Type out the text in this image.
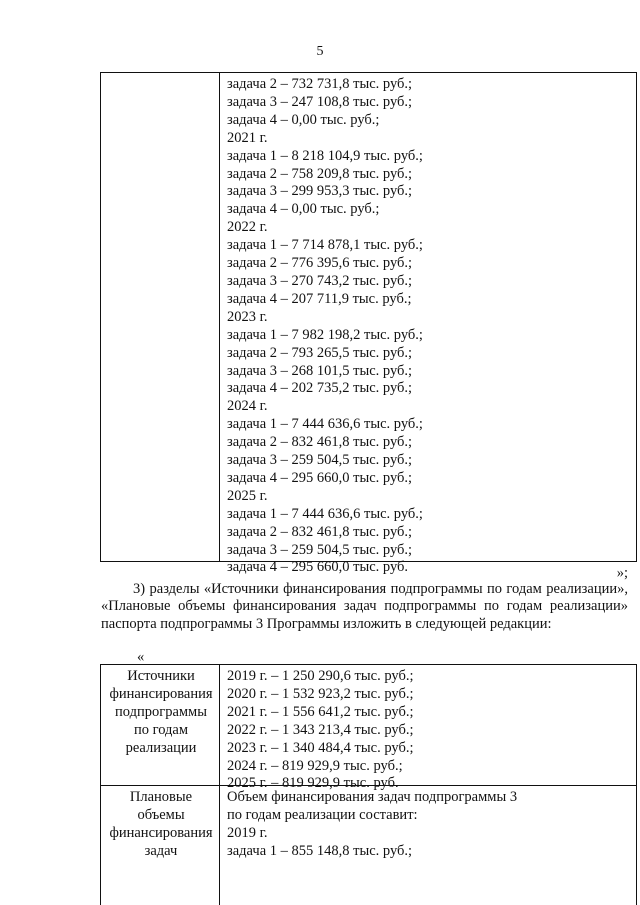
5
задача 2 – 732 731,8 тыс. руб.;
задача 3 – 247 108,8 тыс. руб.;
задача 4 – 0,00 тыс. руб.;
2021 г.
задача 1 – 8 218 104,9 тыс. руб.;
задача 2 – 758 209,8 тыс. руб.;
задача 3 – 299 953,3 тыс. руб.;
задача 4 – 0,00 тыс. руб.;
2022 г.
задача 1 – 7 714 878,1 тыс. руб.;
задача 2 – 776 395,6 тыс. руб.;
задача 3 – 270 743,2 тыс. руб.;
задача 4 – 207 711,9 тыс. руб.;
2023 г.
задача 1 – 7 982 198,2 тыс. руб.;
задача 2 – 793 265,5 тыс. руб.;
задача 3 – 268 101,5 тыс. руб.;
задача 4 – 202 735,2 тыс. руб.;
2024 г.
задача 1 – 7 444 636,6 тыс. руб.;
задача 2 – 832 461,8 тыс. руб.;
задача 3 – 259 504,5 тыс. руб.;
задача 4 – 295 660,0 тыс. руб.;
2025 г.
задача 1 – 7 444 636,6 тыс. руб.;
задача 2 – 832 461,8 тыс. руб.;
задача 3 – 259 504,5 тыс. руб.;
задача 4 – 295 660,0 тыс. руб.	»;
3) разделы «Источники финансирования подпрограммы по годам реализации», «Плановые объемы финансирования задач подпрограммы по годам реализации» паспорта подпрограммы 3 Программы изложить в следующей редакции:
«
Источники
финансирования
подпрограммы
по годам
реализации
2019 г. – 1 250 290,6 тыс. руб.;
2020 г. – 1 532 923,2 тыс. руб.;
2021 г. – 1 556 641,2 тыс. руб.;
2022 г. – 1 343 213,4 тыс. руб.;
2023 г. – 1 340 484,4 тыс. руб.;
2024 г. – 819 929,9 тыс. руб.;
2025 г. – 819 929,9 тыс. руб.
Плановые
объемы
финансирования
задач
Объем финансирования задач подпрограммы 3
по годам реализации составит:
2019 г.
задача 1 – 855 148,8 тыс. руб.;
